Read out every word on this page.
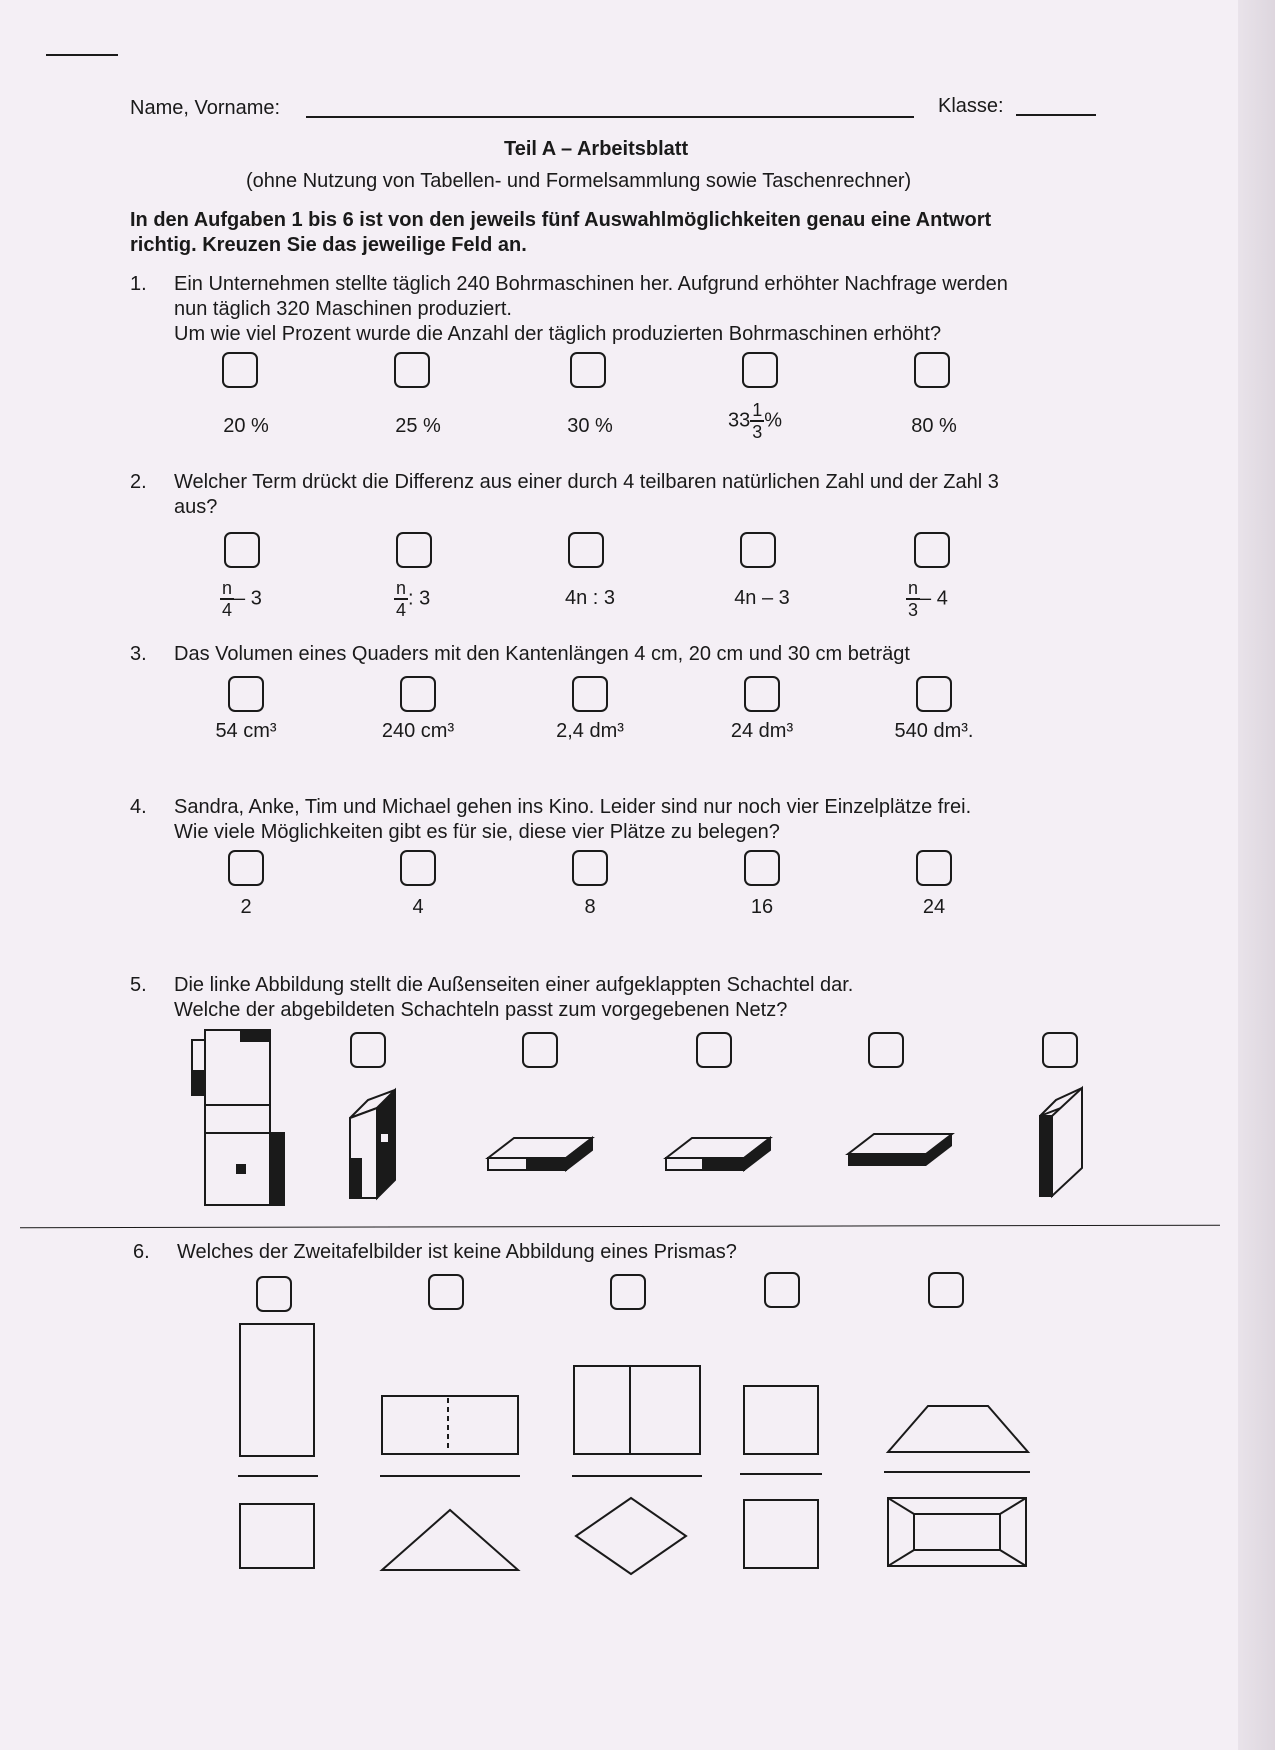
Name, Vorname:	Klasse:
Teil A – Arbeitsblatt
(ohne Nutzung von Tabellen- und Formelsammlung sowie Taschenrechner)
In den Aufgaben 1 bis 6 ist von den jeweils fünf Auswahlmöglichkeiten genau eine Antwort
richtig. Kreuzen Sie das jeweilige Feld an.
1. Ein Unternehmen stellte täglich 240 Bohrmaschinen her. Aufgrund erhöhter Nachfrage werden
nun täglich 320 Maschinen produziert.
Um wie viel Prozent wurde die Anzahl der täglich produzierten Bohrmaschinen erhöht?
20 %	25 %	30 %	$33 \frac{1}{3}$ %	80 %
2. Welcher Term drückt die Differenz aus einer durch 4 teilbaren natürlichen Zahl und der Zahl 3
aus?
$\frac{n}{4} - 3$	$\frac{n}{4}$ : 3	4n : 3	4n – 3	$\frac{n}{3} - 4$
3. Das Volumen eines Quaders mit den Kantenlängen 4 cm, 20 cm und 30 cm beträgt
54 cm³	240 cm³	2,4 dm³	24 dm³	540 dm³.
4. Sandra, Anke, Tim und Michael gehen ins Kino. Leider sind nur noch vier Einzelplätze frei.
Wie viele Möglichkeiten gibt es für sie, diese vier Plätze zu belegen?
2	4	8	16	24
5. Die linke Abbildung stellt die Außenseiten einer aufgeklappten Schachtel dar.
Welche der abgebildeten Schachteln passt zum vorgegebenen Netz?
6. Welches der Zweitafelbilder ist keine Abbildung eines Prismas?
